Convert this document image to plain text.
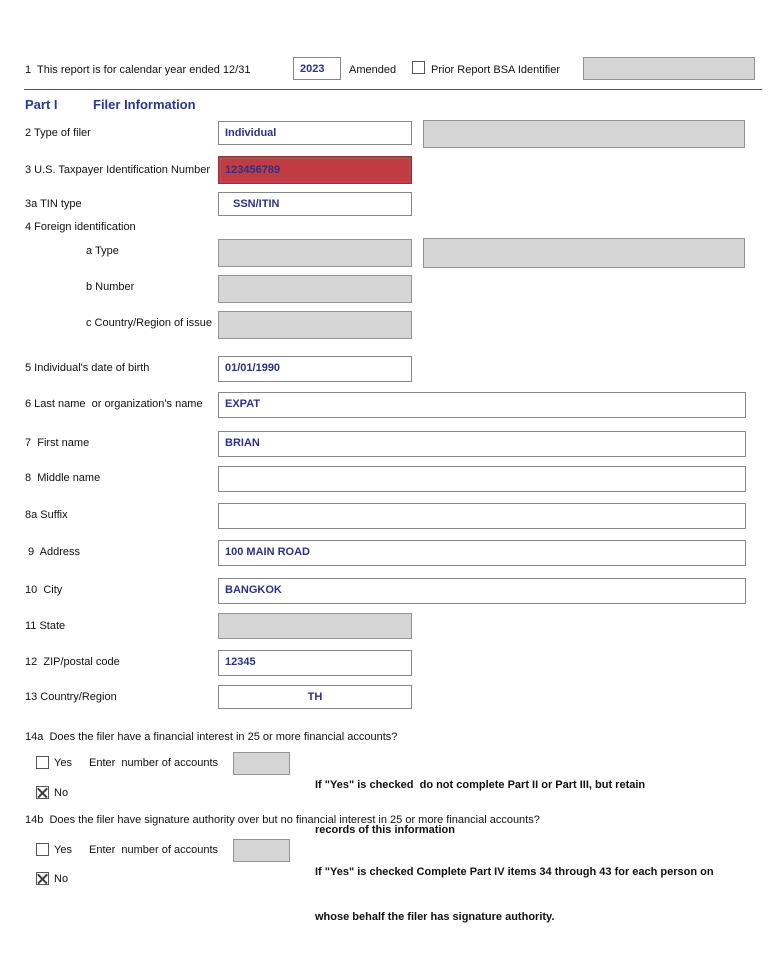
1  This report is for calendar year ended 12/31	2023	Amended	Prior Report BSA Identifier
Part I	Filer Information
2 Type of filer	Individual
3 U.S. Taxpayer Identification Number	123456789
3a TIN type	SSN/ITIN
4 Foreign identification
a Type
b Number
c Country/Region of issue
5 Individual's date of birth	01/01/1990
6 Last name  or organization's name	EXPAT
7  First name	BRIAN
8  Middle name
8a Suffix
9  Address	100 MAIN ROAD
10  City	BANGKOK
11 State
12  ZIP/postal code	12345
13 Country/Region	TH
14a  Does the filer have a financial interest in 25 or more financial accounts?
Yes Enter  number of accounts

If "Yes" is checked  do not complete Part II or Part III, but retain

records of this information

No
14b  Does the filer have signature authority over but no financial interest in 25 or more financial accounts?
Yes Enter  number of accounts

If "Yes" is checked Complete Part IV items 34 through 43 for each person on

whose behalf the filer has signature authority.

No
